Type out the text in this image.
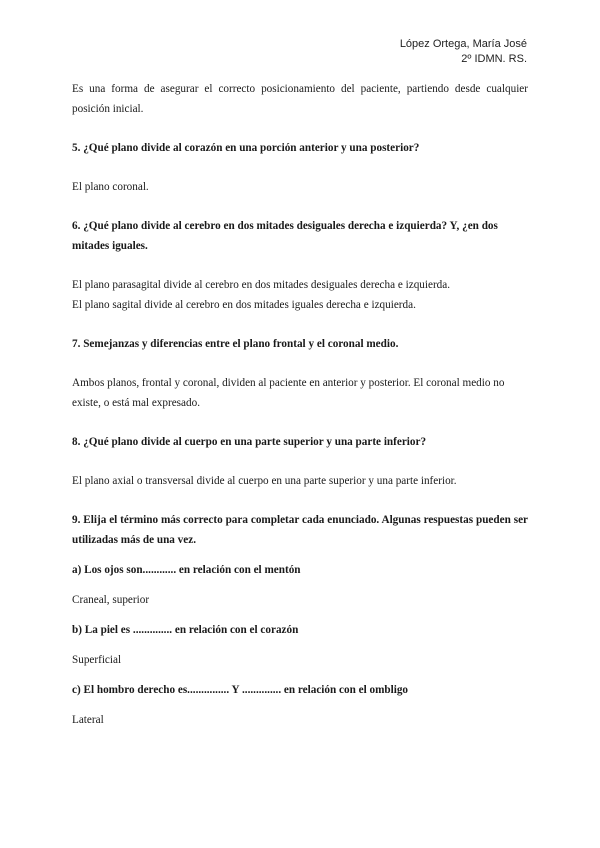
López Ortega, María José
2º IDMN. RS.

Es una forma de asegurar el correcto posicionamiento del paciente, partiendo desde cualquier posición inicial.

5. ¿Qué plano divide al corazón en una porción anterior y una posterior?

El plano coronal.

6. ¿Qué plano divide al cerebro en dos mitades desiguales derecha e izquierda? Y, ¿en dos mitades iguales.

El plano parasagital divide al cerebro en dos mitades desiguales derecha e izquierda.

El plano sagital divide al cerebro en dos mitades iguales derecha e izquierda.

7. Semejanzas y diferencias entre el plano frontal y el coronal medio.

Ambos planos, frontal y coronal, dividen al paciente en anterior y posterior. El coronal medio no existe, o está mal expresado.

8. ¿Qué plano divide al cuerpo en una parte superior y una parte inferior?

El plano axial o transversal divide al cuerpo en una parte superior y una parte inferior.

9. Elija el término más correcto para completar cada enunciado. Algunas respuestas pueden ser utilizadas más de una vez.

a) Los ojos son............ en relación con el mentón

Craneal, superior

b) La piel es .............. en relación con el corazón

Superficial

c) El hombro derecho es............... Y .............. en relación con el ombligo

Lateral
